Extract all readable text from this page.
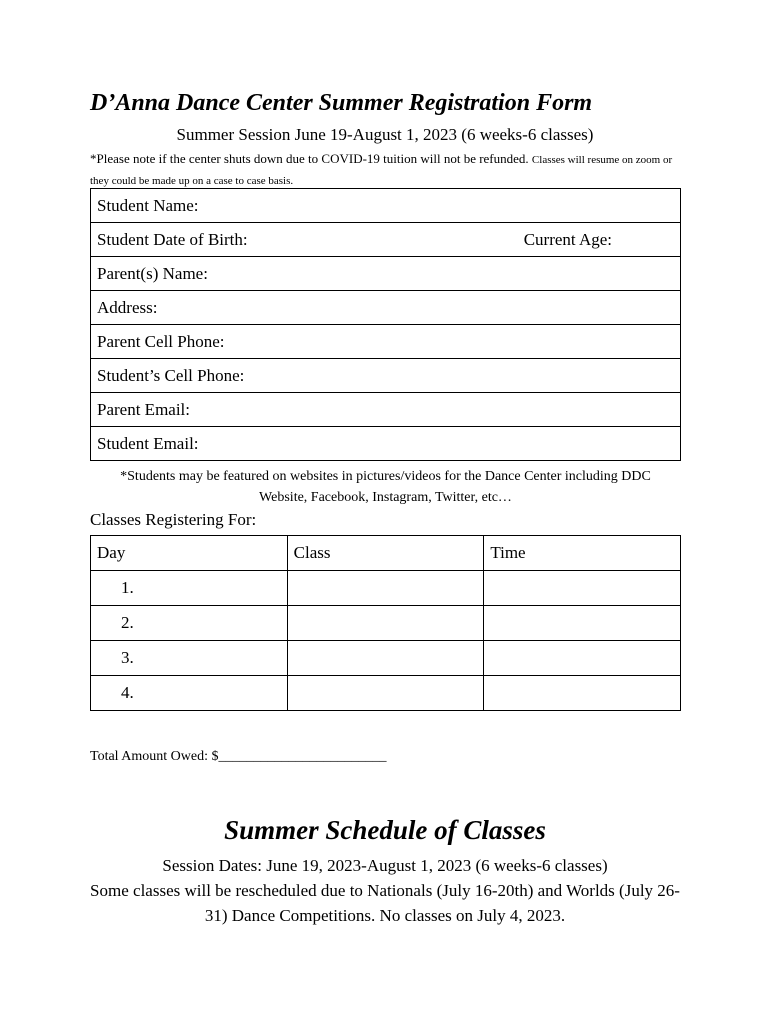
D’Anna Dance Center Summer Registration Form
Summer Session June 19-August 1, 2023 (6 weeks-6 classes)
*Please note if the center shuts down due to COVID-19 tuition will not be refunded. Classes will resume on zoom or they could be made up on a case to case basis.
Student Name:

Student Date of Birth:	Current Age:

Parent(s) Name:
Address:
Parent Cell Phone:
Student’s Cell Phone:
Parent Email:
Student Email:
*Students may be featured on websites in pictures/videos for the Dance Center including DDC
Website, Facebook, Instagram, Twitter, etc…
Classes Registering For:
Day	Class	Time
1.		
2.		
3.		
4.		
Total Amount Owed: $________________________
Summer Schedule of Classes
Session Dates: June 19, 2023-August 1, 2023 (6 weeks-6 classes)
Some classes will be rescheduled due to Nationals (July 16-20th) and Worlds (July 26-31) Dance Competitions. No classes on July 4, 2023.
